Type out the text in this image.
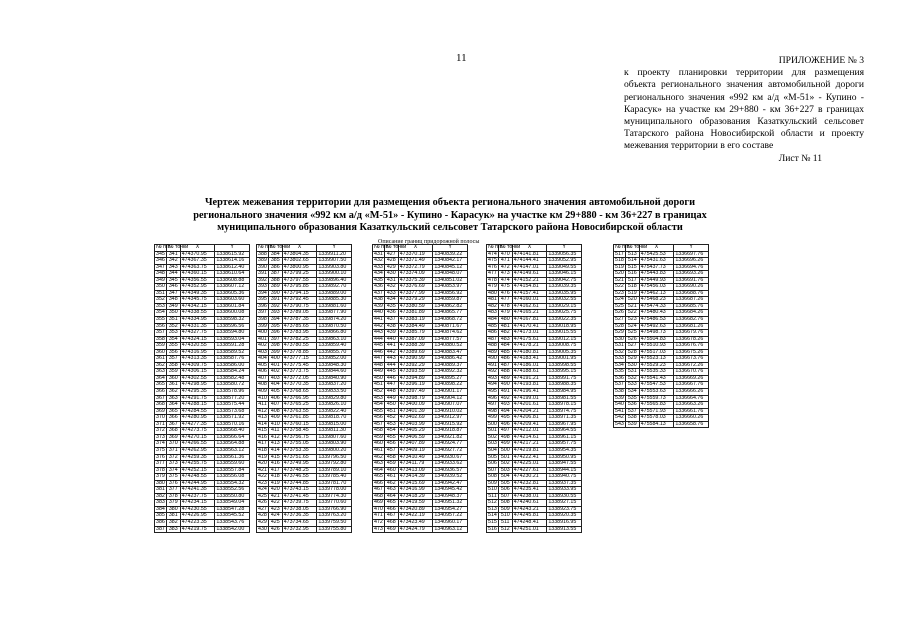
11	ПРИЛОЖЕНИЕ № 3
к проекту планировки территории для размещения объекта регионального значения автомобильной дороги регионального значения «992 км а/д «М-51» - Купино - Карасук» на участке км 29+880 - км 36+227 в границах муниципального образования Казаткульский сельсовет Татарского района Новосибирской области и проекту межевания территории в его составе
Лист № 11
Чертеж межевания территории для размещения объекта регионального значения автомобильной дороги регионального значения «992 км а/д «М-51» - Купино - Карасук» на участке км 29+880 - км 36+227 в границах муниципального образования Казаткульский сельсовет Татарского района Новосибирской области
Описание границ придорожной полосы
№ п/п	№ точки	X	Y
345	341	474370.95	1338615.92
346	342	474367.35	1338614.16
347	343	474363.75	1338612.40
348	344	474360.15	1338610.64
349	345	474356.55	1338608.88
350	346	474352.95	1338607.12
351	347	474349.35	1338605.36
352	348	474345.75	1338603.60
353	349	474342.15	1338601.84
354	350	474338.55	1338600.08
355	351	474334.95	1338598.32
356	352	474331.35	1338596.56
357	353	474327.75	1338594.80
358	354	474324.15	1338593.04
359	355	474320.55	1338591.28
360	356	474316.95	1338589.52
361	357	474313.35	1338587.76
362	358	474309.75	1338586.00
363	359	474306.15	1338584.24
364	360	474302.55	1338582.48
365	361	474298.95	1338580.72
366	362	474295.35	1338578.96
367	363	474291.75	1338577.20
368	364	474288.15	1338575.44
369	365	474284.55	1338573.68
370	366	474280.95	1338571.92
371	367	474277.35	1338570.16
372	368	474273.75	1338568.40
373	369	474270.15	1338566.64
374	370	474266.55	1338564.88
375	371	474262.95	1338563.12
376	372	474259.35	1338561.36
377	373	474255.75	1338559.60
378	374	474252.15	1338557.84
379	375	474248.55	1338556.08
380	376	474244.95	1338554.32
381	377	474241.35	1338552.56
382	378	474237.75	1338550.80
383	379	474234.15	1338549.04
384	380	474230.55	1338547.28
385	381	474226.95	1338545.52
386	382	474223.35	1338543.76
387	383	474219.75	1338542.00
№ п/п	№ точки	X	Y
388	384	473804.35	1339911.20
389	385	473802.65	1339907.50
390	386	473800.95	1339903.80
391	387	473799.25	1339900.10
392	388	473797.55	1339896.40
393	389	473795.85	1339892.70
394	390	473794.15	1339889.00
395	391	473792.45	1339885.30
396	392	473790.75	1339881.60
397	393	473789.05	1339877.90
398	394	473787.35	1339874.20
399	395	473785.65	1339870.50
400	396	473783.95	1339866.80
401	397	473782.25	1339863.10
402	398	473780.55	1339859.40
403	399	473778.85	1339855.70
404	400	473777.15	1339852.00
405	401	473775.45	1339848.30
406	402	473773.75	1339844.60
407	403	473772.05	1339840.90
408	404	473770.35	1339837.20
409	405	473768.65	1339833.50
410	406	473766.95	1339829.80
411	407	473765.25	1339826.10
412	408	473763.55	1339822.40
413	409	473761.85	1339818.70
414	410	473760.15	1339815.00
415	411	473758.45	1339811.30
416	412	473756.75	1339807.60
417	413	473755.05	1339803.90
418	414	473753.35	1339800.20
419	415	473751.65	1339796.50
420	416	473749.95	1339792.80
421	417	473748.25	1339789.10
422	418	473746.55	1339785.40
423	419	473744.85	1339781.70
424	420	473743.15	1339778.00
425	421	473741.45	1339774.30
426	422	473739.75	1339770.60
427	423	473738.05	1339766.90
428	424	473736.35	1339763.20
429	425	473734.65	1339759.50
430	426	473732.95	1339755.80
№ п/п	№ точки	X	Y
431	427	473370.19	1340839.22
432	428	473371.49	1340842.17
433	429	473372.79	1340845.12
434	430	473374.09	1340848.07
435	431	473375.39	1340851.02
436	432	473376.69	1340853.97
437	433	473377.99	1340856.92
438	434	473379.29	1340859.87
439	435	473380.59	1340862.82
440	436	473381.89	1340865.77
441	437	473383.19	1340868.72
442	438	473384.49	1340871.67
443	439	473385.79	1340874.62
444	440	473387.09	1340877.57
445	441	473388.39	1340880.52
446	442	473389.69	1340883.47
447	443	473390.99	1340886.42
448	444	473392.29	1340889.37
449	445	473393.59	1340892.32
450	446	473394.89	1340895.27
451	447	473396.19	1340898.22
452	448	473397.49	1340901.17
453	449	473398.79	1340904.12
454	450	473400.09	1340907.07
455	451	473401.39	1340910.02
456	452	473402.69	1340912.97
457	453	473403.99	1340915.92
458	454	473405.29	1340918.87
459	455	473406.59	1340921.82
460	456	473407.89	1340924.77
461	457	473409.19	1340927.72
462	458	473410.49	1340930.67
463	459	473411.79	1340933.62
464	460	473413.09	1340936.57
465	461	473414.39	1340939.52
466	462	473415.69	1340942.47
467	463	473416.99	1340945.42
468	464	473418.29	1340948.37
469	465	473419.59	1340951.32
470	466	473420.89	1340954.27
471	467	473422.19	1340957.22
472	468	473423.49	1340960.17
473	469	473424.79	1340963.12
№ п/п	№ точки	X	Y
474	470	474141.81	1339056.35
475	471	474144.41	1339052.95
476	472	474147.01	1339049.55
477	473	474149.61	1339046.15
478	474	474152.21	1339042.75
479	475	474154.81	1339039.35
480	476	474157.41	1339035.95
481	477	474160.01	1339032.55
482	478	474162.61	1339029.15
483	479	474165.21	1339025.75
484	480	474167.81	1339022.35
485	481	474170.41	1339018.95
486	482	474173.01	1339015.55
487	483	474175.61	1339012.15
488	484	474178.21	1339008.75
489	485	474180.81	1339005.35
490	486	474183.41	1339001.95
491	487	474186.01	1338998.55
492	488	474188.61	1338995.15
493	489	474191.21	1338991.75
494	490	474193.81	1338988.35
495	491	474196.41	1338984.95
496	492	474199.01	1338981.55
497	493	474201.61	1338978.15
498	494	474204.21	1338974.75
499	495	474206.81	1338971.35
500	496	474209.41	1338967.95
501	497	474212.01	1338964.55
502	498	474214.61	1338961.15
503	499	474217.21	1338957.75
504	500	474219.81	1338954.35
505	501	474222.41	1338950.95
506	502	474225.01	1338947.55
507	503	474227.61	1338944.15
508	504	474230.21	1338940.75
509	505	474232.81	1338937.35
510	506	474235.41	1338933.95
511	507	474238.01	1338930.55
512	508	474240.61	1338927.15
513	509	474243.21	1338923.75
514	510	474245.81	1338920.35
515	511	474248.41	1338916.95
516	512	474251.01	1338913.55
№ п/п	№ точки	X	Y
517	513	475425.53	1336697.76
518	514	475431.63	1336696.26
519	515	475437.73	1336694.76
520	516	475443.83	1336693.26
521	517	475449.93	1336691.76
522	518	475456.03	1336690.26
523	519	475462.13	1336688.76
524	520	475468.23	1336687.26
525	521	475474.33	1336685.76
526	522	475480.43	1336684.26
527	523	475486.53	1336682.76
528	524	475492.63	1336681.26
529	525	475498.73	1336679.76
530	526	475504.83	1336678.26
531	527	475510.93	1336676.76
532	528	475517.03	1336675.26
533	529	475523.13	1336673.76
534	530	475529.23	1336672.26
535	531	475535.33	1336670.76
536	532	475541.43	1336669.26
537	533	475547.53	1336667.76
538	534	475553.63	1336666.26
539	535	475559.73	1336664.76
540	536	475565.83	1336663.26
541	537	475571.93	1336661.76
542	538	475578.03	1336660.26
543	539	475584.13	1336658.76
